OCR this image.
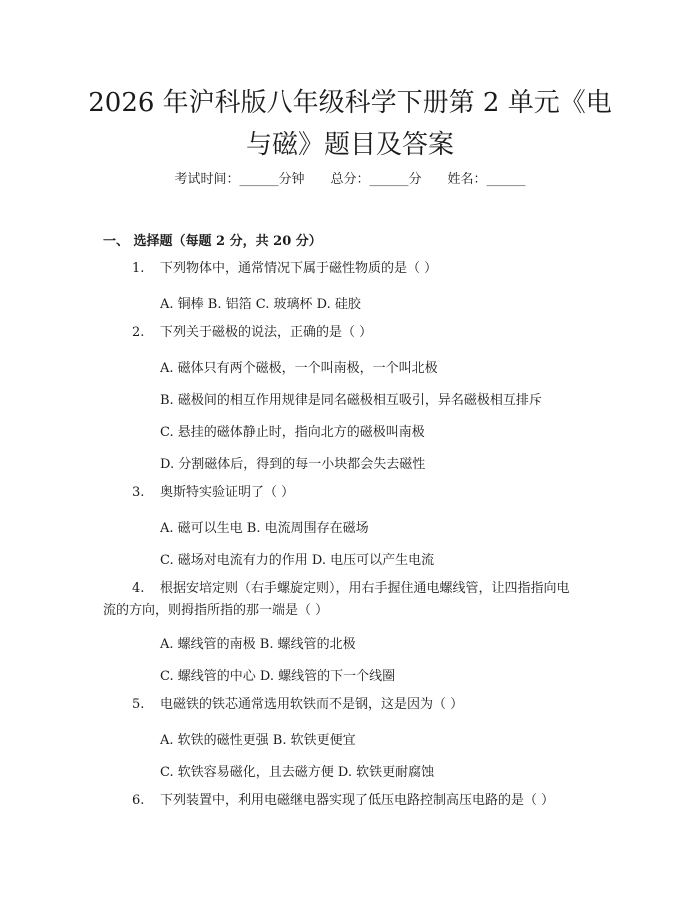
2026 年沪科版八年级科学下册第 2 单元《电
与磁》题目及答案
考试时间：______分钟 总分：______分 姓名：______
一、 选择题（每题 2 分，共 20 分）
1. 下列物体中，通常情况下属于磁性物质的是（ ）
A. 铜棒 B. 铝箔 C. 玻璃杯 D. 硅胶
2. 下列关于磁极的说法，正确的是（ ）
A. 磁体只有两个磁极，一个叫南极，一个叫北极
B. 磁极间的相互作用规律是同名磁极相互吸引，异名磁极相互排斥
C. 悬挂的磁体静止时，指向北方的磁极叫南极
D. 分割磁体后，得到的每一小块都会失去磁性
3. 奥斯特实验证明了（ ）
A. 磁可以生电 B. 电流周围存在磁场
C. 磁场对电流有力的作用 D. 电压可以产生电流
4. 根据安培定则（右手螺旋定则），用右手握住通电螺线管，让四指指向电
流的方向，则拇指所指的那一端是（ ）
A. 螺线管的南极 B. 螺线管的北极
C. 螺线管的中心 D. 螺线管的下一个线圈
5. 电磁铁的铁芯通常选用软铁而不是钢，这是因为（ ）
A. 软铁的磁性更强 B. 软铁更便宜
C. 软铁容易磁化，且去磁方便 D. 软铁更耐腐蚀
6. 下列装置中，利用电磁继电器实现了低压电路控制高压电路的是（ ）
